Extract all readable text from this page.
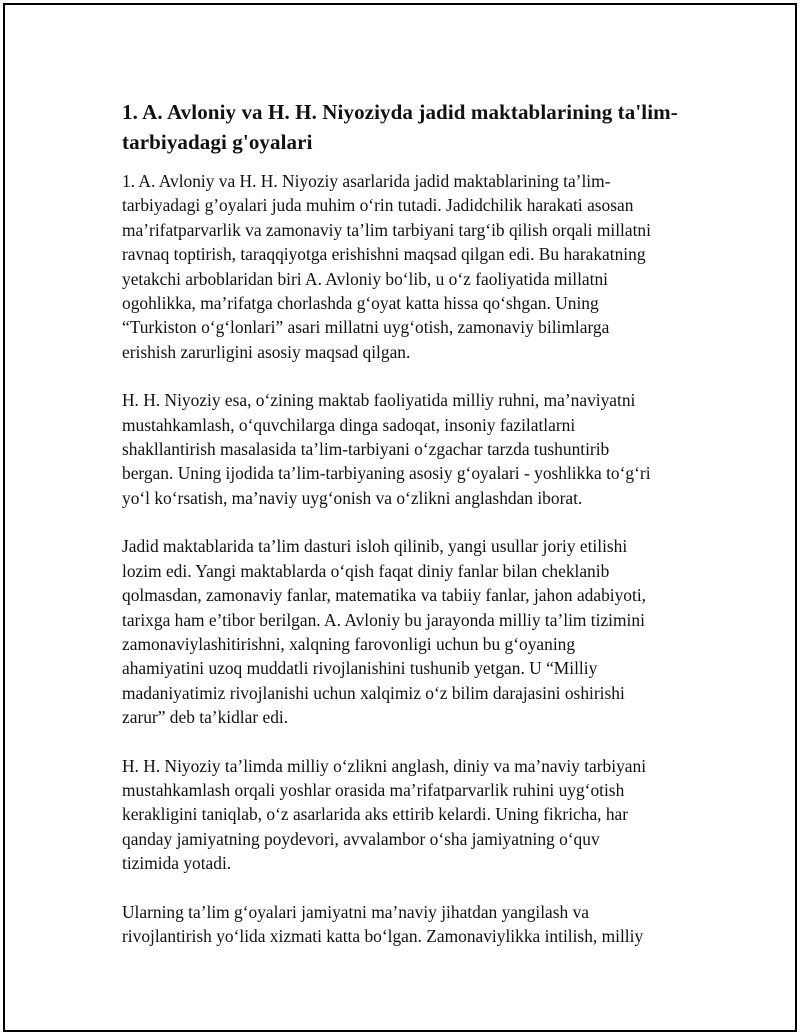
1. A. Avloniy va H. H. Niyoziyda jadid maktablarining ta'lim- tarbiyadagi g'oyalari

1. A. Avloniy va H. H. Niyoziy asarlarida jadid maktablarining ta’lim-
tarbiyadagi g’oyalari juda muhim o‘rin tutadi. Jadidchilik harakati asosan
ma’rifatparvarlik va zamonaviy ta’lim tarbiyani targ‘ib qilish orqali millatni
ravnaq toptirish, taraqqiyotga erishishni maqsad qilgan edi. Bu harakatning
yetakchi arboblaridan biri A. Avloniy bo‘lib, u o‘z faoliyatida millatni
ogohlikka, ma’rifatga chorlashda g‘oyat katta hissa qo‘shgan. Uning
“Turkiston o‘g‘lonlari” asari millatni uyg‘otish, zamonaviy bilimlarga
erishish zarurligini asosiy maqsad qilgan.

H. H. Niyoziy esa, o‘zining maktab faoliyatida milliy ruhni, ma’naviyatni
mustahkamlash, o‘quvchilarga dinga sadoqat, insoniy fazilatlarni
shakllantirish masalasida ta’lim-tarbiyani o‘zgachar tarzda tushuntirib
bergan. Uning ijodida ta’lim-tarbiyaning asosiy g‘oyalari - yoshlikka to‘g‘ri
yo‘l ko‘rsatish, ma’naviy uyg‘onish va o‘zlikni anglashdan iborat.

Jadid maktablarida ta’lim dasturi isloh qilinib, yangi usullar joriy etilishi
lozim edi. Yangi maktablarda o‘qish faqat diniy fanlar bilan cheklanib
qolmasdan, zamonaviy fanlar, matematika va tabiiy fanlar, jahon adabiyoti,
tarixga ham e’tibor berilgan. A. Avloniy bu jarayonda milliy ta’lim tizimini
zamonaviylashitirishni, xalqning farovonligi uchun bu g‘oyaning
ahamiyatini uzoq muddatli rivojlanishini tushunib yetgan. U “Milliy
madaniyatimiz rivojlanishi uchun xalqimiz o‘z bilim darajasini oshirishi
zarur” deb ta’kidlar edi.

H. H. Niyoziy ta’limda milliy o‘zlikni anglash, diniy va ma’naviy tarbiyani
mustahkamlash orqali yoshlar orasida ma’rifatparvarlik ruhini uyg‘otish
kerakligini taniqlab, o‘z asarlarida aks ettirib kelardi. Uning fikricha, har
qanday jamiyatning poydevori, avvalambor o‘sha jamiyatning o‘quv
tizimida yotadi.

Ularning ta’lim g‘oyalari jamiyatni ma’naviy jihatdan yangilash va
rivojlantirish yo‘lida xizmati katta bo‘lgan. Zamonaviylikka intilish, milliy
